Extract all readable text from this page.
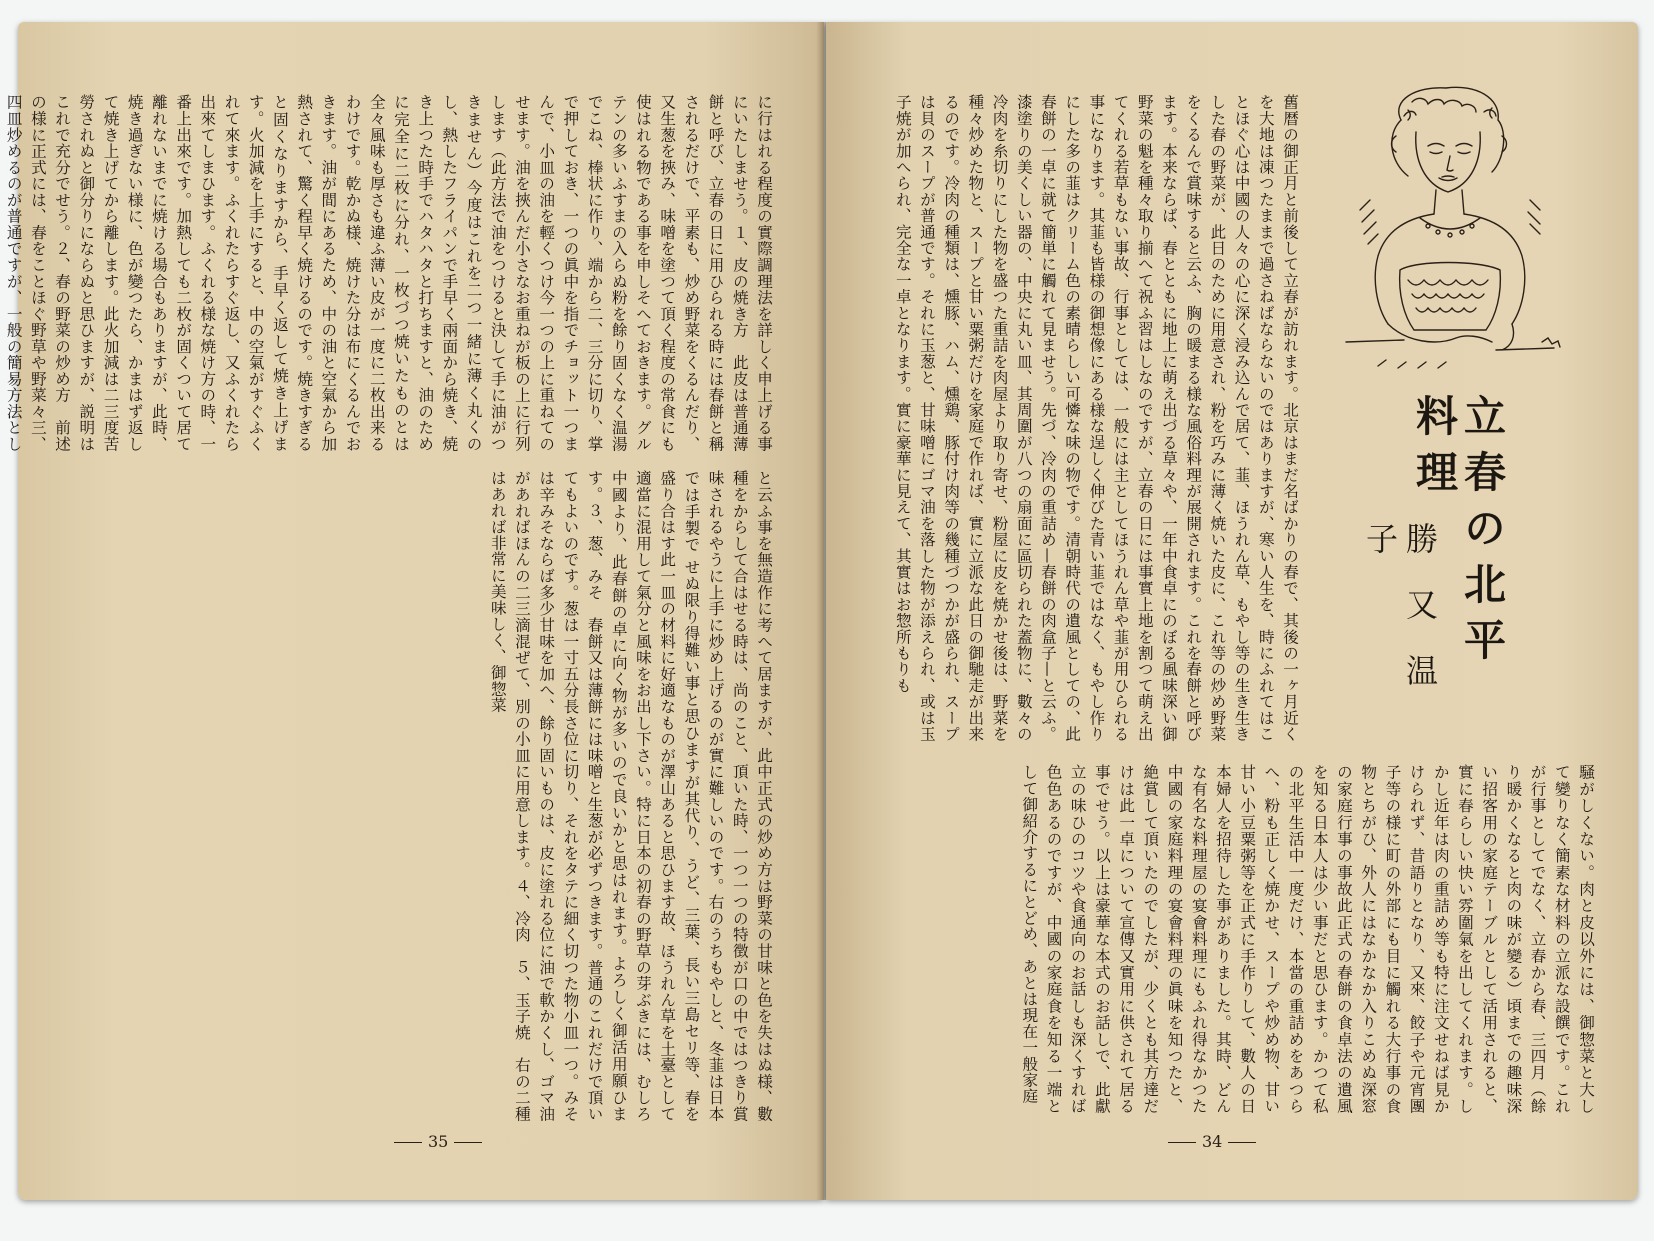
に行はれる程度の實際調理法を詳しく申上げる事にいたしませう。１、皮の焼き方　此皮は普通薄餅と呼び、立春の日に用ひられる時には春餅と稱されるだけで、平素も、炒め野菜をくるんだり、又生葱を挾み、味噌を塗つて頂く程度の常食にも使はれる物である事を申しそへておきます。グルテンの多いふすまの入らぬ粉を餘り固くなく温湯でこね、棒状に作り、端から二、三分に切り、掌で押しておき、一つの眞中を指でチョット一つまんで、小皿の油を輕くつけ今一つの上に重ねてのせます。油を挾んだ小さなお重ねが板の上に行列します（此方法で油をつけると決して手に油がつきません）今度はこれを二つ一緒に薄く丸くのし、熱したフライパンで手早く兩面から焼き、焼き上つた時手でハタハタと打ちますと、油のために完全に二枚に分れ、一枚づつ焼いたものとは全々風味も厚さも違ふ薄い皮が一度に二枚出来るわけです。乾かぬ様、焼けた分は布にくるんでおきます。油が間にあるため、中の油と空氣から加熱されて、驚く程早く焼けるのです。焼きすぎると固くなりますから、手早く返して焼き上げます。火加減を上手にすると、中の空氣がすぐふくれて來ます。ふくれたらすぐ返し、又ふくれたら出來てしまひます。ふくれる様な焼け方の時、一番上出來です。加熱しても二枚が固くついて居て離れないまでに焼ける場合もありますが、此時、焼き過ぎない様に、色が變つたら、かまはず返して焼き上げてから離します。此火加減は二三度苦勞されぬと御分りにならぬと思ひますが、説明はこれで充分でせう。２、春の野菜の炒め方　前述の様に正式には、春をことほぐ野草や野菜々三、四皿炒めるのが普通ですが、一般の簡易方法とし
と云ふ事を無造作に考へて居ますが、此中正式の炒め方は野菜の甘味と色を失はぬ様、數種をからして合はせる時は、尚のこと、頂いた時、一つ一つの特徴が口の中ではつきり賞味されるやうに上手に炒め上げるのが實に難しいのです。右のうちもやしと、冬韮は日本では手製で せぬ限り得難い事と思ひますが其代り、うど、三葉、長い三島セリ等、春を盛り合はす此一皿の材料に好適なものが澤山あると思ひます故、ほうれん草を土臺として適當に混用して氣分と風味をお出し下さい。特に日本の初春の野草の芽ぶきには、むしろ中國より、此春餅の卓に向く物が多いので良いかと思はれます。よろしく御活用願ひます。３、葱、みそ　春餅又は薄餅には味噌と生葱が必ずつきます。普通のこれだけで頂いてもよいのです。葱は一寸五分長さ位に切り、それをタテに細く切つた物小皿一つ。みそは辛みそならば多少甘味を加へ、餘り固いものは、皮に塗れる位に油で軟かくし、ゴマ油があればほんの二三滴混ぜて、別の小皿に用意します。４、冷肉　５、玉子焼　右の二種はあれば非常に美味しく、御惣菜
35
立春の北平料理
勝又温子
舊暦の御正月と前後して立春が訪れます。北京はまだ名ばかりの春で、其後の一ヶ月近くを大地は凍つたままで過さねばならないのではありますが、寒い人生を、時にふれてはことほぐ心は中國の人々の心に深く浸み込んで居て、韮、ほうれん草、もやし等の生き生きした春の野菜が、此日のために用意され、粉を巧みに薄く焼いた皮に、これ等の炒め野菜をくるんで賞味すると云ふ、胸の暖まる様な風俗料理が展開されます。これを春餅と呼びます。本来ならば、春とともに地上に萌え出づる草々や、一年中食卓にのぼる風味深い御野菜の魁を種々取り揃へて祝ふ習はしなのですが、立春の日には事實上地を割つて萌え出てくれる若草もない事故、行事としては、一般には主としてほうれん草や韮が用ひられる事になります。其韮も皆様の御想像にある様な逞しく伸びた青い韮ではなく、もやし作りにした多の韮はクリーム色の素晴らしい可憐な味の物です。清朝時代の遺風としての、此春餅の一卓に就て簡単に觸れて見ませう。先づ、冷肉の重詰め—春餅の肉盒子—と云ふ。漆塗りの美くしい器の、中央に丸い皿、其周圍が八つの扇面に區切られた蓋物に、數々の冷肉を糸切りにした物を盛つた重詰を肉屋より取り寄せ、粉屋に皮を焼かせ後は、野菜を種々炒めた物と、スープと甘い粟粥だけを家庭で作れば、實に立派な此日の御馳走が出来るのです。冷肉の種類は、燻豚、ハム、燻鶏、豚付け肉等の幾種づつかが盛られ、スープは貝のスープが普通です。それに玉葱と、甘味噌にゴマ油を落した物が添えられ、或は玉子焼が加へられ、完全な一卓となります。實に豪華に見えて、其實はお惣所もりも
騒がしくない。肉と皮以外には、御惣菜と大して變りなく簡素な材料の立派な設饌です。これが行事としてでなく、立春から春、三四月（餘り暖かくなると肉の味が變る）頃までの趣味深い招客用の家庭テーブルとして活用されると、實に春らしい快い雰圍氣を出してくれます。しかし近年は肉の重詰め等も特に注文せねば見かけられず、昔語りとなり、又來、餃子や元宵團子等の様に町の外部にも目に觸れる大行事の食物とちがひ、外人にはなかなか入りこめぬ深窓の家庭行事の事故此正式の春餅の食卓法の遺風を知る日本人は少い事だと思ひます。かつて私の北平生活中一度だけ、本當の重詰めをあつらへ、粉も正しく焼かせ、スープや炒め物、甘い甘い小豆粟粥等を正式に手作りして、數人の日本婦人を招待した事がありました。其時、どんな有名な料理屋の宴會料理にもふれ得なかつた中國の家庭料理の宴會料理の眞味を知つたと、絶賞して頂いたのでしたが、少くとも其方達だけは此一卓について宣傳又實用に供されて居る事でせう。以上は豪華な本式のお話しで、此獻立の味ひのコツや食通向のお話しも深くすれば色色あるのですが、中國の家庭食を知る一端として御紹介するにとどめ、あとは現在一般家庭
34
